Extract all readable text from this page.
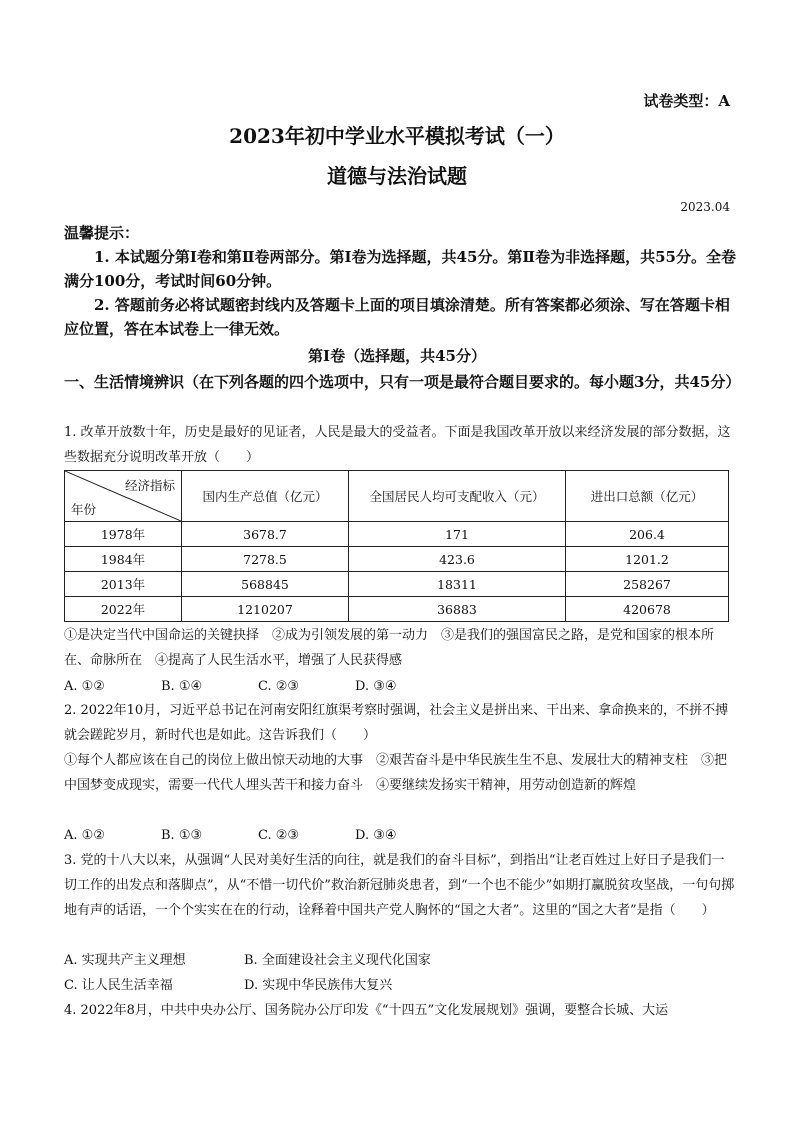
试卷类型：A
2023年初中学业水平模拟考试（一）
道德与法治试题
2023.04

温馨提示：

1. 本试题分第Ⅰ卷和第Ⅱ卷两部分。第Ⅰ卷为选择题，共45分。第Ⅱ卷为非选择题，共55分。全卷满分100分，考试时间60分钟。

2. 答题前务必将试题密封线内及答题卡上面的项目填涂清楚。所有答案都必须涂、写在答题卡相应位置，答在本试卷上一律无效。

第Ⅰ卷（选择题，共45分）
一、生活情境辨识（在下列各题的四个选项中，只有一项是最符合题目要求的。每小题3分，共45分）
1. 改革开放数十年，历史是最好的见证者，人民是最大的受益者。下面是我国改革开放以来经济发展的部分数据，这些数据充分说明改革开放（　　）
经济指标
年份	国内生产总值（亿元）	全国居民人均可支配收入（元）	进出口总额（亿元）
1978年	3678.7	171	206.4
1984年	7278.5	423.6	1201.2
2013年	568845	18311	258267
2022年	1210207	36883	420678
①是决定当代中国命运的关键抉择　②成为引领发展的第一动力　③是我们的强国富民之路，是党和国家的根本所在、命脉所在　④提高了人民生活水平，增强了人民获得感
A. ①②	B. ①④	C. ②③	D. ③④
2. 2022年10月，习近平总书记在河南安阳红旗渠考察时强调，社会主义是拼出来、干出来、拿命换来的，不拼不搏就会蹉跎岁月，新时代也是如此。这告诉我们（　　）
①每个人都应该在自己的岗位上做出惊天动地的大事　②艰苦奋斗是中华民族生生不息、发展壮大的精神支柱　③把中国梦变成现实，需要一代代人埋头苦干和接力奋斗　④要继续发扬实干精神，用劳动创造新的辉煌
A. ①②	B. ①③	C. ②③	D. ③④
3. 党的十八大以来，从强调“人民对美好生活的向往，就是我们的奋斗目标”，到指出“让老百姓过上好日子是我们一切工作的出发点和落脚点”，从“不惜一切代价”救治新冠肺炎患者，到“一个也不能少”如期打赢脱贫攻坚战，一句句掷地有声的话语，一个个实实在在的行动，诠释着中国共产党人胸怀的“国之大者”。这里的“国之大者”是指（　　）
A. 实现共产主义理想	B. 全面建设社会主义现代化国家
C. 让人民生活幸福	D. 实现中华民族伟大复兴
4. 2022年8月，中共中央办公厅、国务院办公厅印发《“十四五”文化发展规划》强调，要整合长城、大运
